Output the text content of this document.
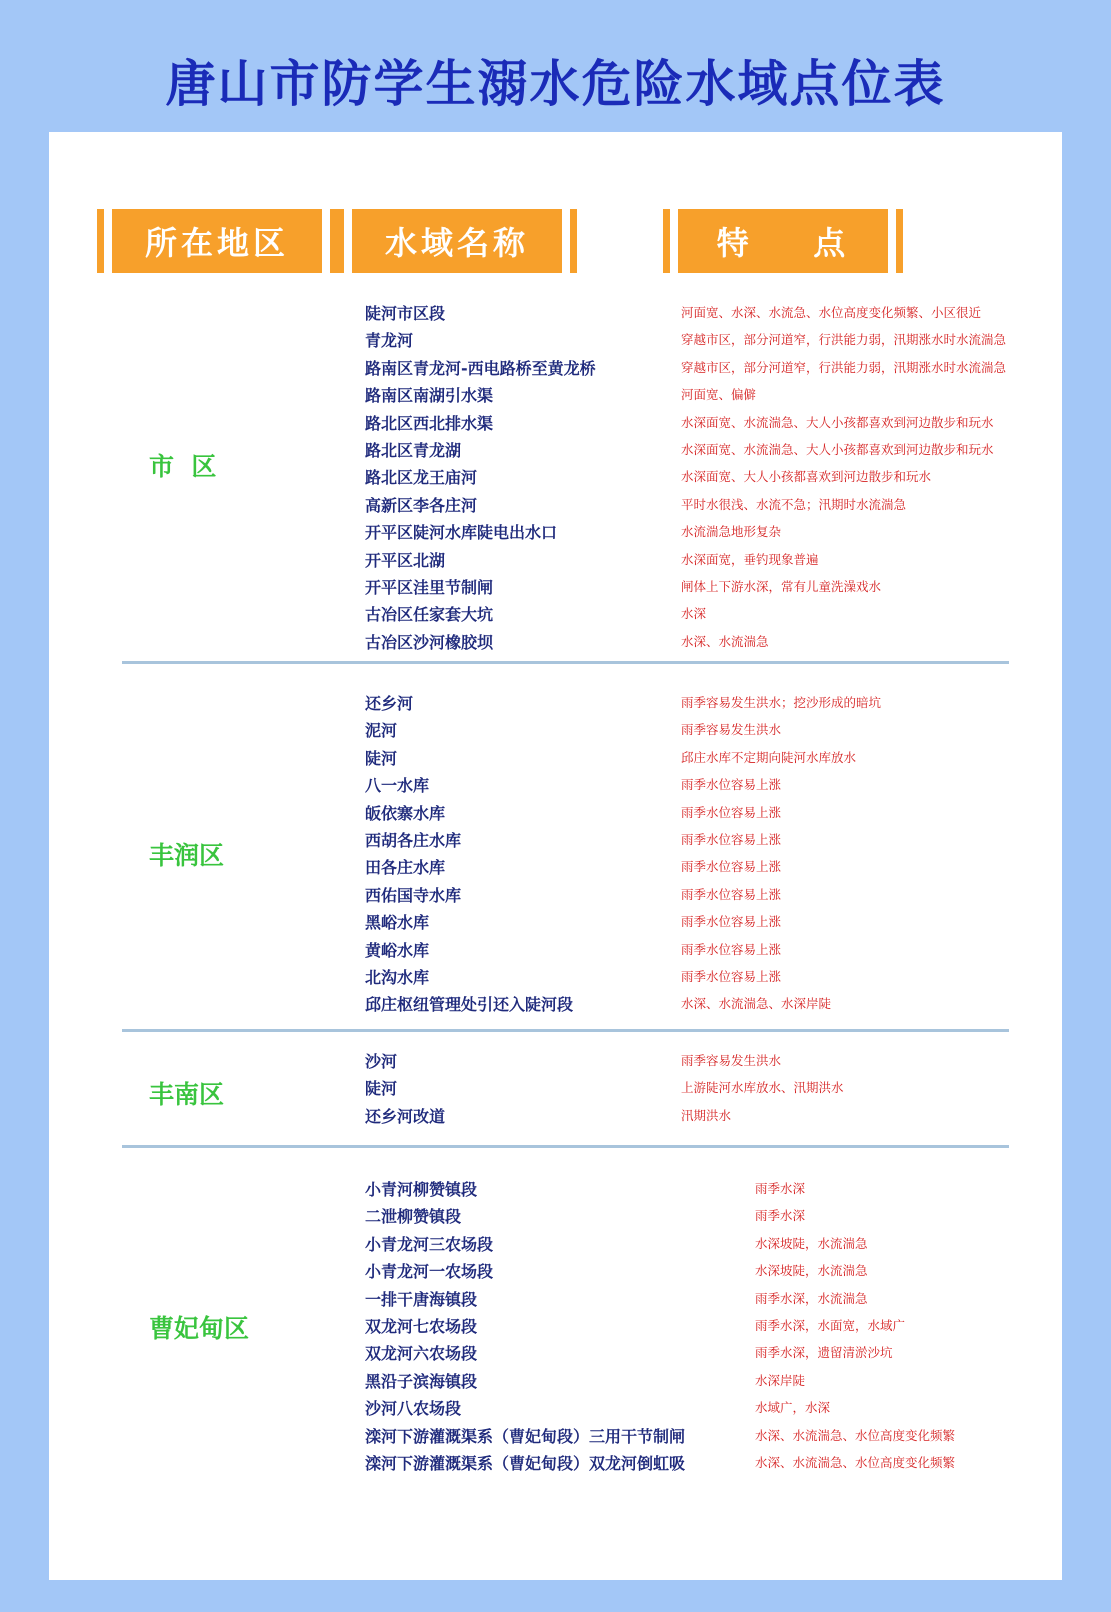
唐山市防学生溺水危险水域点位表
所在地区	水域名称	特    点
市  区
陡河市区段	河面宽、水深、水流急、水位高度变化频繁、小区很近
青龙河	穿越市区，部分河道窄，行洪能力弱，汛期涨水时水流湍急
路南区青龙河-西电路桥至黄龙桥	穿越市区，部分河道窄，行洪能力弱，汛期涨水时水流湍急
路南区南湖引水渠	河面宽、偏僻
路北区西北排水渠	水深面宽、水流湍急、大人小孩都喜欢到河边散步和玩水
路北区青龙湖	水深面宽、水流湍急、大人小孩都喜欢到河边散步和玩水
路北区龙王庙河	水深面宽、大人小孩都喜欢到河边散步和玩水
高新区李各庄河	平时水很浅、水流不急；汛期时水流湍急
开平区陡河水库陡电出水口	水流湍急地形复杂
开平区北湖	水深面宽，垂钓现象普遍
开平区洼里节制闸	闸体上下游水深，常有儿童洗澡戏水
古冶区任家套大坑	水深
古冶区沙河橡胶坝	水深、水流湍急
丰润区
还乡河	雨季容易发生洪水；挖沙形成的暗坑
泥河	雨季容易发生洪水
陡河	邱庄水库不定期向陡河水库放水
八一水库	雨季水位容易上涨
皈依寨水库	雨季水位容易上涨
西胡各庄水库	雨季水位容易上涨
田各庄水库	雨季水位容易上涨
西佑国寺水库	雨季水位容易上涨
黑峪水库	雨季水位容易上涨
黄峪水库	雨季水位容易上涨
北沟水库	雨季水位容易上涨
邱庄枢纽管理处引还入陡河段	水深、水流湍急、水深岸陡
丰南区
沙河	雨季容易发生洪水
陡河	上游陡河水库放水、汛期洪水
还乡河改道	汛期洪水
曹妃甸区
小青河柳赞镇段	雨季水深
二泄柳赞镇段	雨季水深
小青龙河三农场段	水深坡陡，水流湍急
小青龙河一农场段	水深坡陡，水流湍急
一排干唐海镇段	雨季水深，水流湍急
双龙河七农场段	雨季水深，水面宽，水域广
双龙河六农场段	雨季水深，遗留清淤沙坑
黑沿子滨海镇段	水深岸陡
沙河八农场段	水域广，水深
滦河下游灌溉渠系（曹妃甸段）三用干节制闸	水深、水流湍急、水位高度变化频繁
滦河下游灌溉渠系（曹妃甸段）双龙河倒虹吸	水深、水流湍急、水位高度变化频繁
